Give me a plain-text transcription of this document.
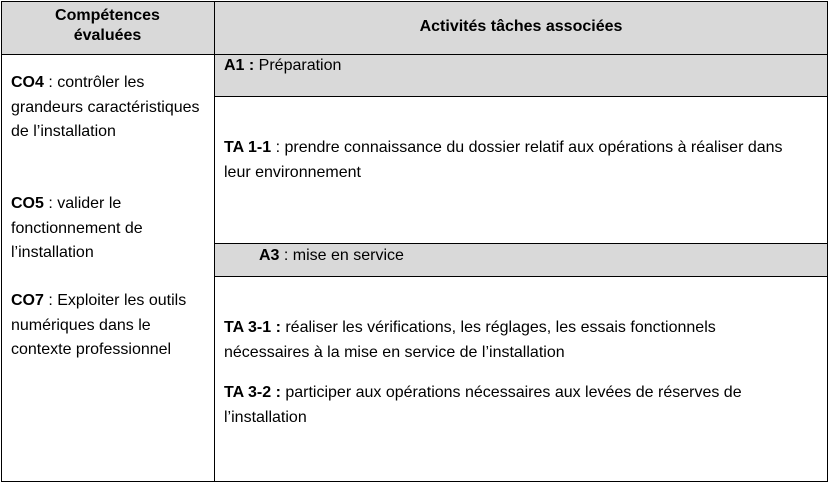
Compétences évaluées
Activités tâches associées
CO4 : contrôler les grandeurs caractéristiques de l’installation
CO5 : valider le fonctionnement de l’installation
CO7 : Exploiter les outils numériques dans le contexte professionnel
A1 : Préparation
TA 1-1 : prendre connaissance du dossier relatif aux opérations à réaliser dans leur environnement
A3 : mise en service
TA 3-1 : réaliser les vérifications, les réglages, les essais fonctionnels nécessaires à la mise en service de l’installation
TA 3-2 : participer aux opérations nécessaires aux levées de réserves de l’installation
